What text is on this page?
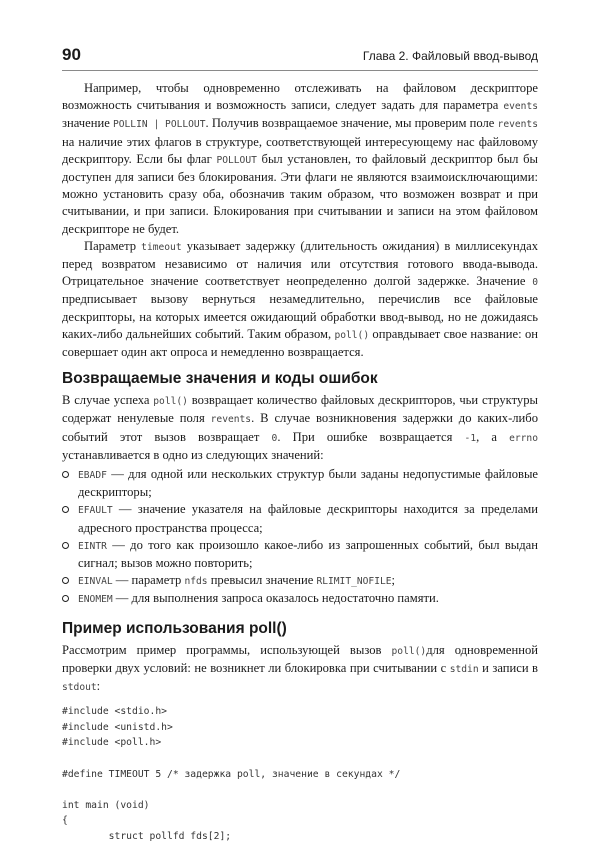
90	Глава 2. Файловый ввод-вывод

Например, чтобы одновременно отслеживать на файловом дескрипторе возможность считывания и возможность записи, следует задать для параметра events значение POLLIN | POLLOUT. Получив возвращаемое значение, мы проверим поле revents на наличие этих флагов в структуре, соответствующей интересующему нас файловому дескриптору. Если бы флаг POLLOUT был установлен, то файловый дескриптор был бы доступен для записи без блокирования. Эти флаги не являются взаимоисключающими: можно установить сразу оба, обозначив таким образом, что возможен возврат и при считывании, и при записи. Блокирования при считывании и записи на этом файловом дескрипторе не будет.

Параметр timeout указывает задержку (длительность ожидания) в миллисекундах перед возвратом независимо от наличия или отсутствия готового ввода-вывода. Отрицательное значение соответствует неопределенно долгой задержке. Значение 0 предписывает вызову вернуться незамедлительно, перечислив все файловые дескрипторы, на которых имеется ожидающий обработки ввод-вывод, но не дожидаясь каких-либо дальнейших событий. Таким образом, poll() оправдывает свое название: он совершает один акт опроса и немедленно возвращается.

Возвращаемые значения и коды ошибок

В случае успеха poll() возвращает количество файловых дескрипторов, чьи структуры содержат ненулевые поля revents. В случае возникновения задержки до каких-либо событий этот вызов возвращает 0. При ошибке возвращается -1, а errno устанавливается в одно из следующих значений:

EBADF — для одной или нескольких структур были заданы недопустимые файловые дескрипторы;

EFAULT — значение указателя на файловые дескрипторы находится за пределами адресного пространства процесса;

EINTR — до того как произошло какое-либо из запрошенных событий, был выдан сигнал; вызов можно повторить;

EINVAL — параметр nfds превысил значение RLIMIT_NOFILE;

ENOMEM — для выполнения запроса оказалось недостаточно памяти.

Пример использования poll()

Рассмотрим пример программы, использующей вызов poll()для одновременной проверки двух условий: не возникнет ли блокировка при считывании с stdin и записи в stdout:

#include <stdio.h>
#include <unistd.h>
#include <poll.h>
#define TIMEOUT 5 /* задержка poll, значение в секундах */
int main (void)
{
struct pollfd fds[2];
